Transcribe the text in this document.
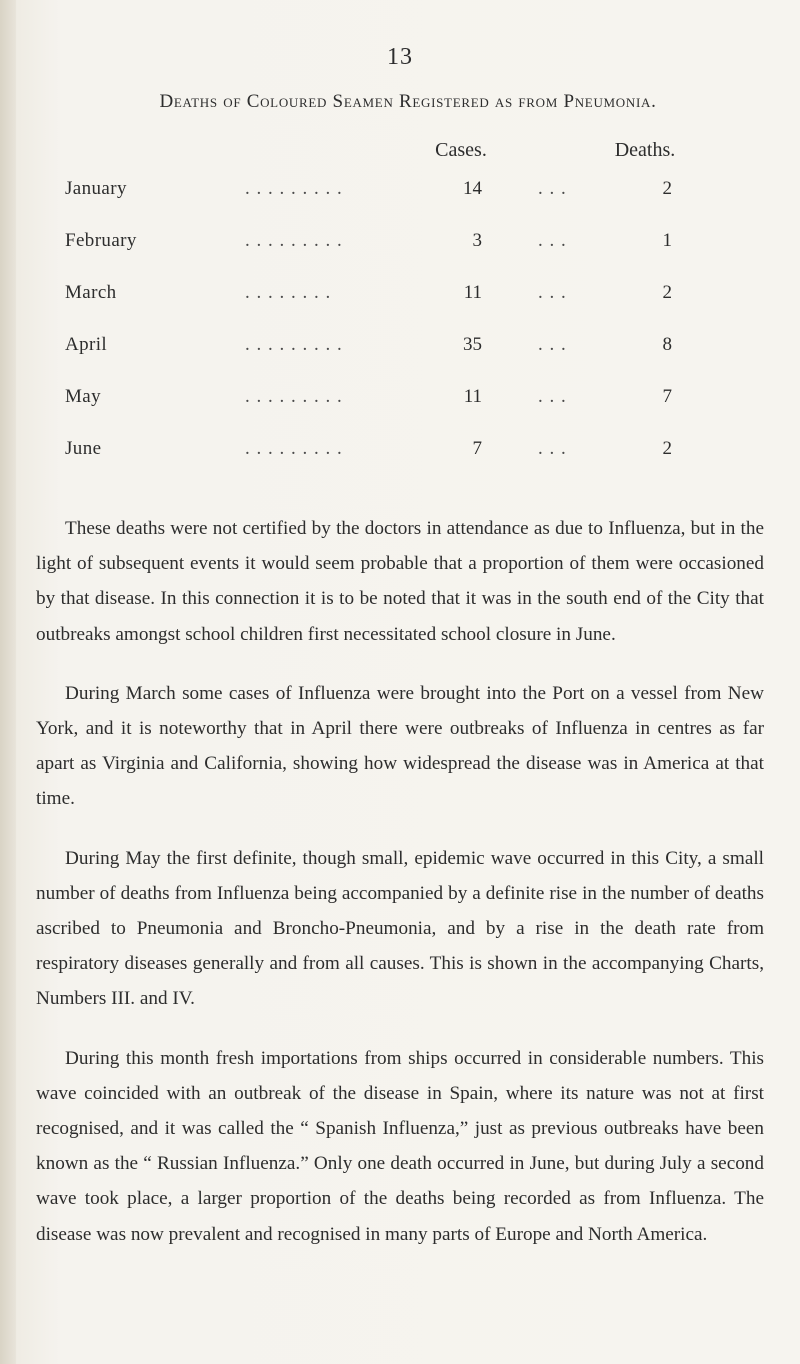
13
Deaths of Coloured Seamen Registered as from Pneumonia.
Cases.	Deaths.
January	. . . . . . . . .	14	. . .	2
February	. . . . . . . . .	3	. . .	1
March	. . . . . . . .	11	. . .	2
April	. . . . . . . . .	35	. . .	8
May	. . . . . . . . .	11	. . .	7
June	. . . . . . . . .	7	. . .	2

These deaths were not certified by the doctors in attendance as due to Influenza, but in the light of subsequent events it would seem probable that a proportion of them were occasioned by that disease. In this connection it is to be noted that it was in the south end of the City that outbreaks amongst school children first necessitated school closure in June.

During March some cases of Influenza were brought into the Port on a vessel from New York, and it is noteworthy that in April there were outbreaks of Influenza in centres as far apart as Virginia and California, showing how widespread the disease was in America at that time.

During May the first definite, though small, epidemic wave occurred in this City, a small number of deaths from Influenza being accompanied by a definite rise in the number of deaths ascribed to Pneumonia and Broncho-Pneumonia, and by a rise in the death rate from respiratory diseases generally and from all causes. This is shown in the accompanying Charts, Numbers III. and IV.

During this month fresh importations from ships occurred in considerable numbers. This wave coincided with an outbreak of the disease in Spain, where its nature was not at first recognised, and it was called the “ Spanish Influenza,” just as previous outbreaks have been known as the “ Russian Influenza.” Only one death occurred in June, but during July a second wave took place, a larger proportion of the deaths being recorded as from Influenza. The disease was now prevalent and recognised in many parts of Europe and North America.
